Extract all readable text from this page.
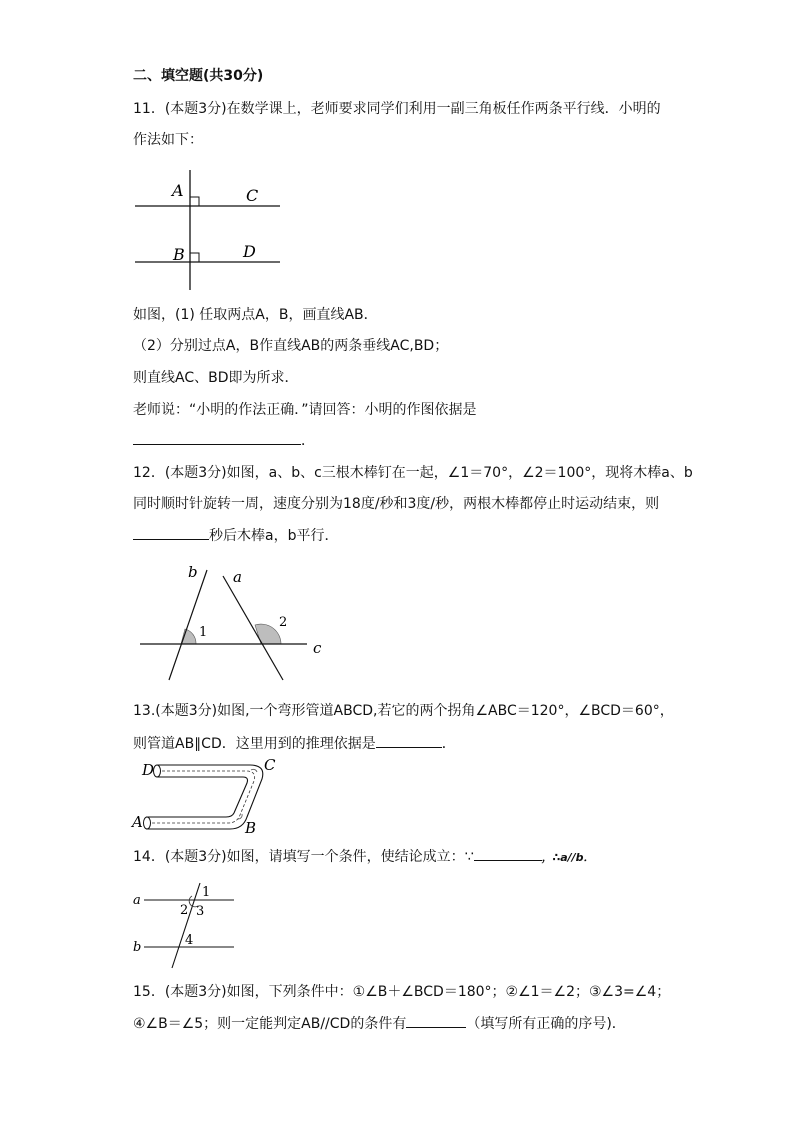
二、填空题(共30分)
11．(本题3分)在数学课上，老师要求同学们利用一副三角板任作两条平行线．小明的
作法如下：
A	C
B	D
如图，(1) 任取两点A，B，画直线AB．
（2）分别过点A，B作直线AB的两条垂线AC,BD；
则直线AC、BD即为所求．
老师说：“小明的作法正确．”请回答：小明的作图依据是
．
12．(本题3分)如图，a、b、c三根木棒钉在一起，∠1＝70°，∠2＝100°，现将木棒a、b
同时顺时针旋转一周，速度分别为18度/秒和3度/秒，两根木棒都停止时运动结束，则
秒后木棒a，b平行．
b a
c
1
2
13.(本题3分)如图,一个弯形管道ABCD,若它的两个拐角∠ABC＝120°，∠BCD＝60°，
则管道AB∥CD．这里用到的推理依据是	．
D	C
A	B
14．(本题3分)如图，请填写一个条件，使结论成立：∵	，∴a//b．
a
b
1
2 3
4
15．(本题3分)如图，下列条件中：①∠B＋∠BCD＝180°；②∠1＝∠2；③∠3=∠4；
④∠B＝∠5；则一定能判定AB//CD的条件有	（填写所有正确的序号)．
